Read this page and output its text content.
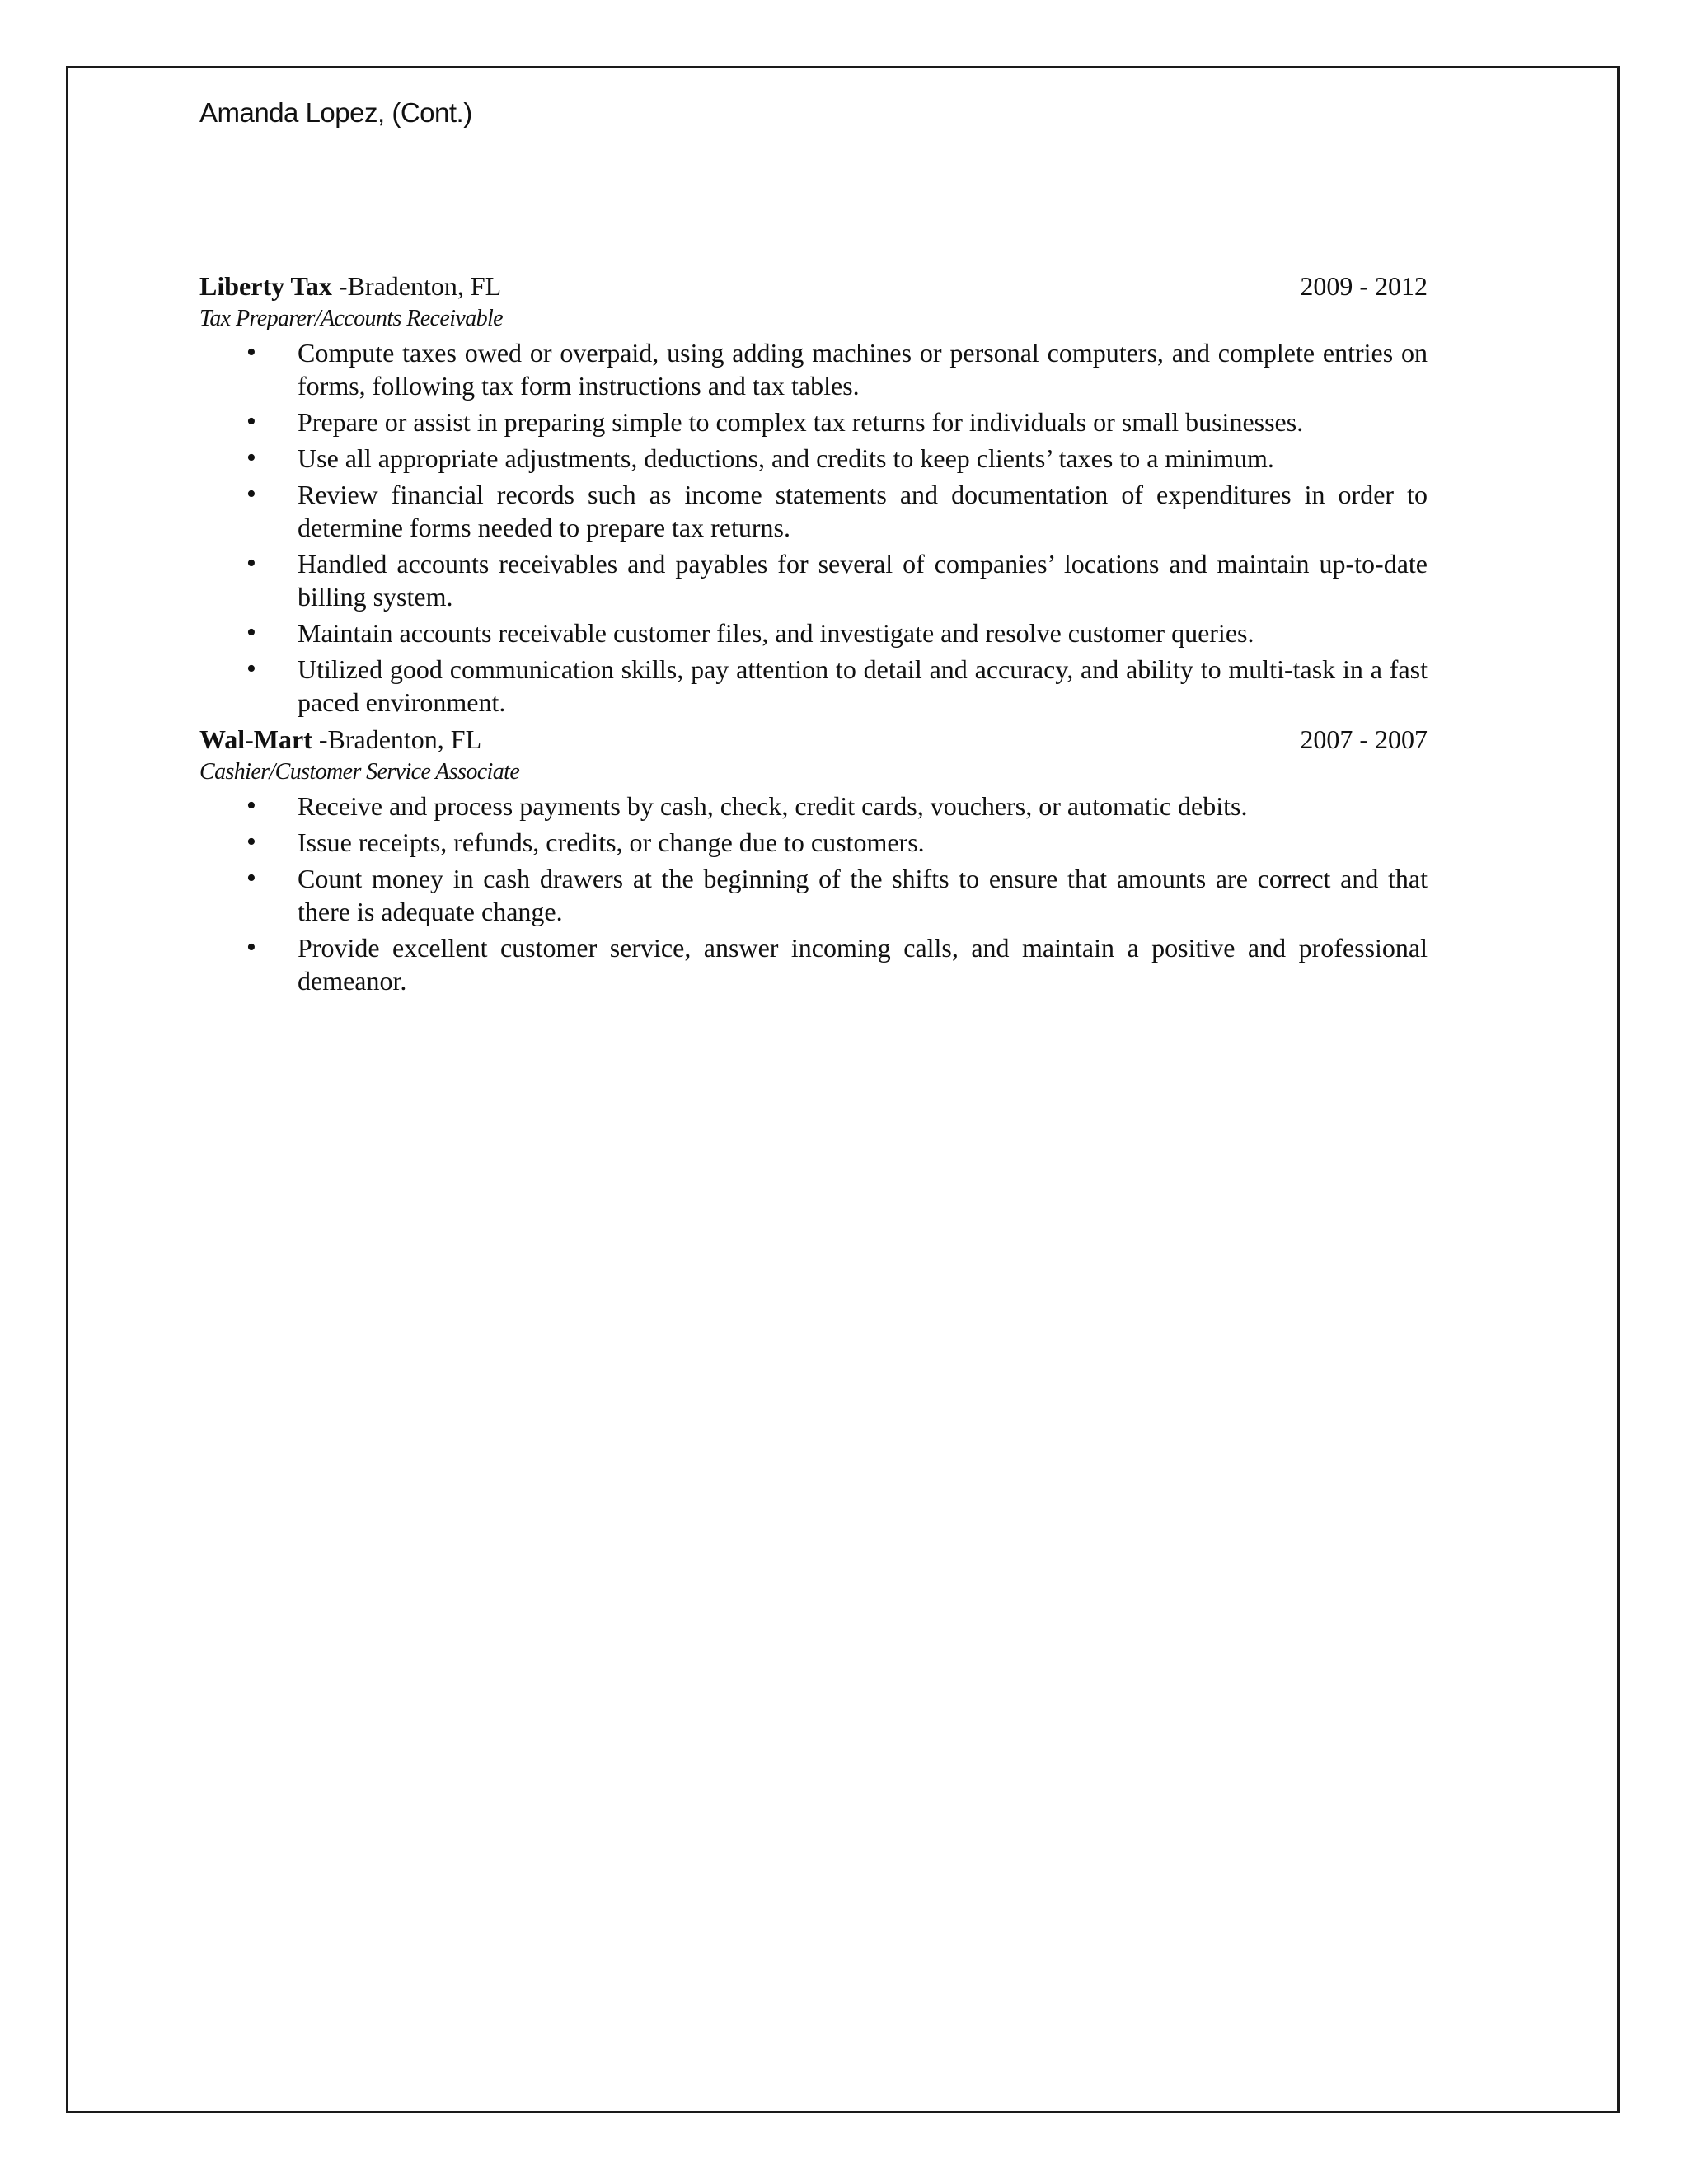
Amanda Lopez, (Cont.)
Liberty Tax -Bradenton, FL	2009 - 2012
Tax Preparer/Accounts Receivable
• Compute taxes owed or overpaid, using adding machines or personal computers, and complete entries on forms, following tax form instructions and tax tables.
• Prepare or assist in preparing simple to complex tax returns for individuals or small businesses.
• Use all appropriate adjustments, deductions, and credits to keep clients’ taxes to a minimum.
• Review financial records such as income statements and documentation of expenditures in order to determine forms needed to prepare tax returns.
• Handled accounts receivables and payables for several of companies’ locations and maintain up-to-date billing system.
• Maintain accounts receivable customer files, and investigate and resolve customer queries.
• Utilized good communication skills, pay attention to detail and accuracy, and ability to multi-task in a fast paced environment.
Wal-Mart -Bradenton, FL	2007 - 2007
Cashier/Customer Service Associate
• Receive and process payments by cash, check, credit cards, vouchers, or automatic debits.
• Issue receipts, refunds, credits, or change due to customers.
• Count money in cash drawers at the beginning of the shifts to ensure that amounts are correct and that there is adequate change.
• Provide excellent customer service, answer incoming calls, and maintain a positive and professional demeanor.
